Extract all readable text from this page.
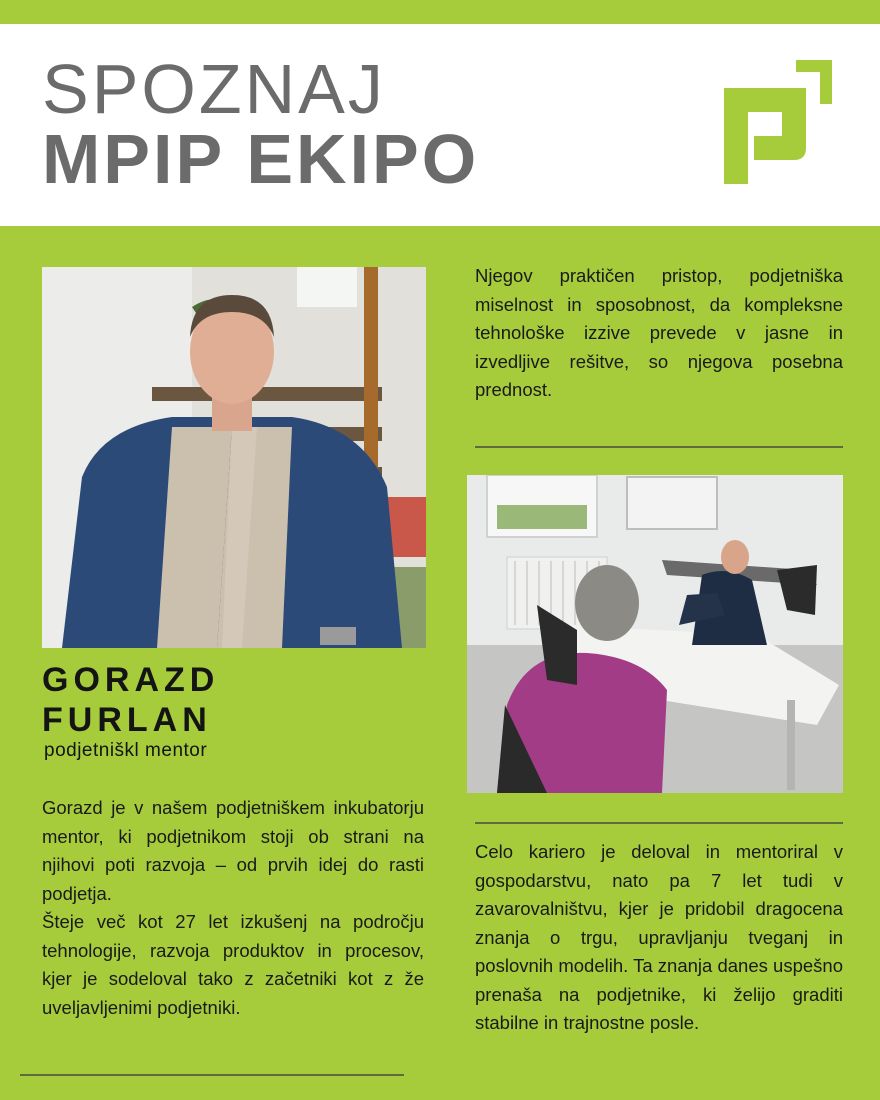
SPOZNAJ
MPIP EKIPO

Njegov praktičen pristop, podjetniška miselnost in sposobnost, da kompleksne tehnološke izzive prevede v jasne in izvedljive rešitve, so njegova posebna prednost.

GORAZD
FURLAN
podjetniškl mentor

Gorazd je v našem podjetniškem inkubatorju mentor, ki podjetnikom stoji ob strani na njihovi poti razvoja – od prvih idej do rasti podjetja.

Šteje več kot 27 let izkušenj na področju tehnologije, razvoja produktov in procesov, kjer je sodeloval tako z začetniki kot z že uveljavljenimi podjetniki.

Celo kariero je deloval in mentoriral v gospodarstvu, nato pa 7 let tudi v zavarovalništvu, kjer je pridobil dragocena znanja o trgu, upravljanju tveganj in poslovnih modelih. Ta znanja danes uspešno prenaša na podjetnike, ki želijo graditi stabilne in trajnostne posle.
